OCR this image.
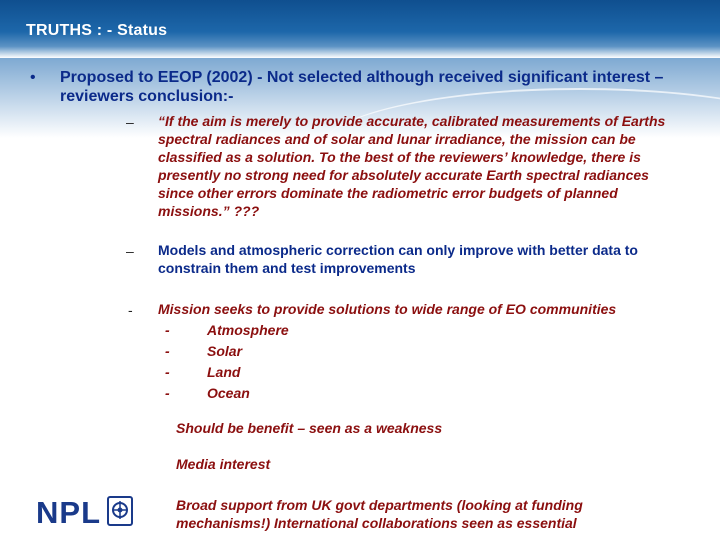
TRUTHS : - Status
• Proposed to EEOP (2002) - Not selected although received significant interest – reviewers conclusion:-
– “If the aim is merely to provide accurate, calibrated measurements of Earths spectral radiances and of solar and lunar irradiance, the mission can be classified as a solution. To the best of the reviewers’ knowledge, there is presently no strong need for absolutely accurate Earth spectral radiances since other errors dominate the radiometric error budgets of planned missions.” ???
– Models and atmospheric correction can only improve with better data to constrain them and test improvements
- Mission seeks to provide solutions to wide range of EO communities
-	Atmosphere
-	Solar
-	Land
-	Ocean
Should be benefit – seen as a weakness
Media interest
Broad support from UK govt departments (looking at funding mechanisms!) International collaborations seen as essential
NPL
